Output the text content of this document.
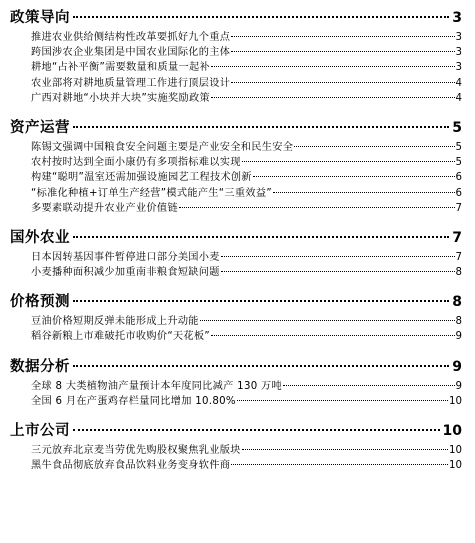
政策导向	3
推进农业供给侧结构性改革要抓好九个重点	3
跨国涉农企业集团是中国农业国际化的主体	3
耕地“占补平衡”需要数量和质量一起补	3
农业部将对耕地质量管理工作进行顶层设计	4
广西对耕地“小块并大块”实施奖励政策	4
资产运营	5
陈锡文强调中国粮食安全问题主要是产业安全和民生安全	5
农村按时达到全面小康仍有多项指标难以实现	5
构建“聪明”温室还需加强设施园艺工程技术创新	6
“标准化种植+订单生产经营”模式能产生“三重效益”	6
多要素联动提升农业产业价值链	7
国外农业	7
日本因转基因事件暂停进口部分美国小麦	7
小麦播种面积减少加重南非粮食短缺问题	8
价格预测	8
豆油价格短期反弹未能形成上升动能	8
稻谷新粮上市难破托市收购价“天花板”	9
数据分析	9
全球 8 大类植物油产量预计本年度同比减产 130 万吨	9
全国 6 月在产蛋鸡存栏量同比增加 10.80%	10
上市公司	10
三元放弃北京麦当劳优先购股权聚焦乳业版块	10
黑牛食品彻底放弃食品饮料业务变身软件商	10
